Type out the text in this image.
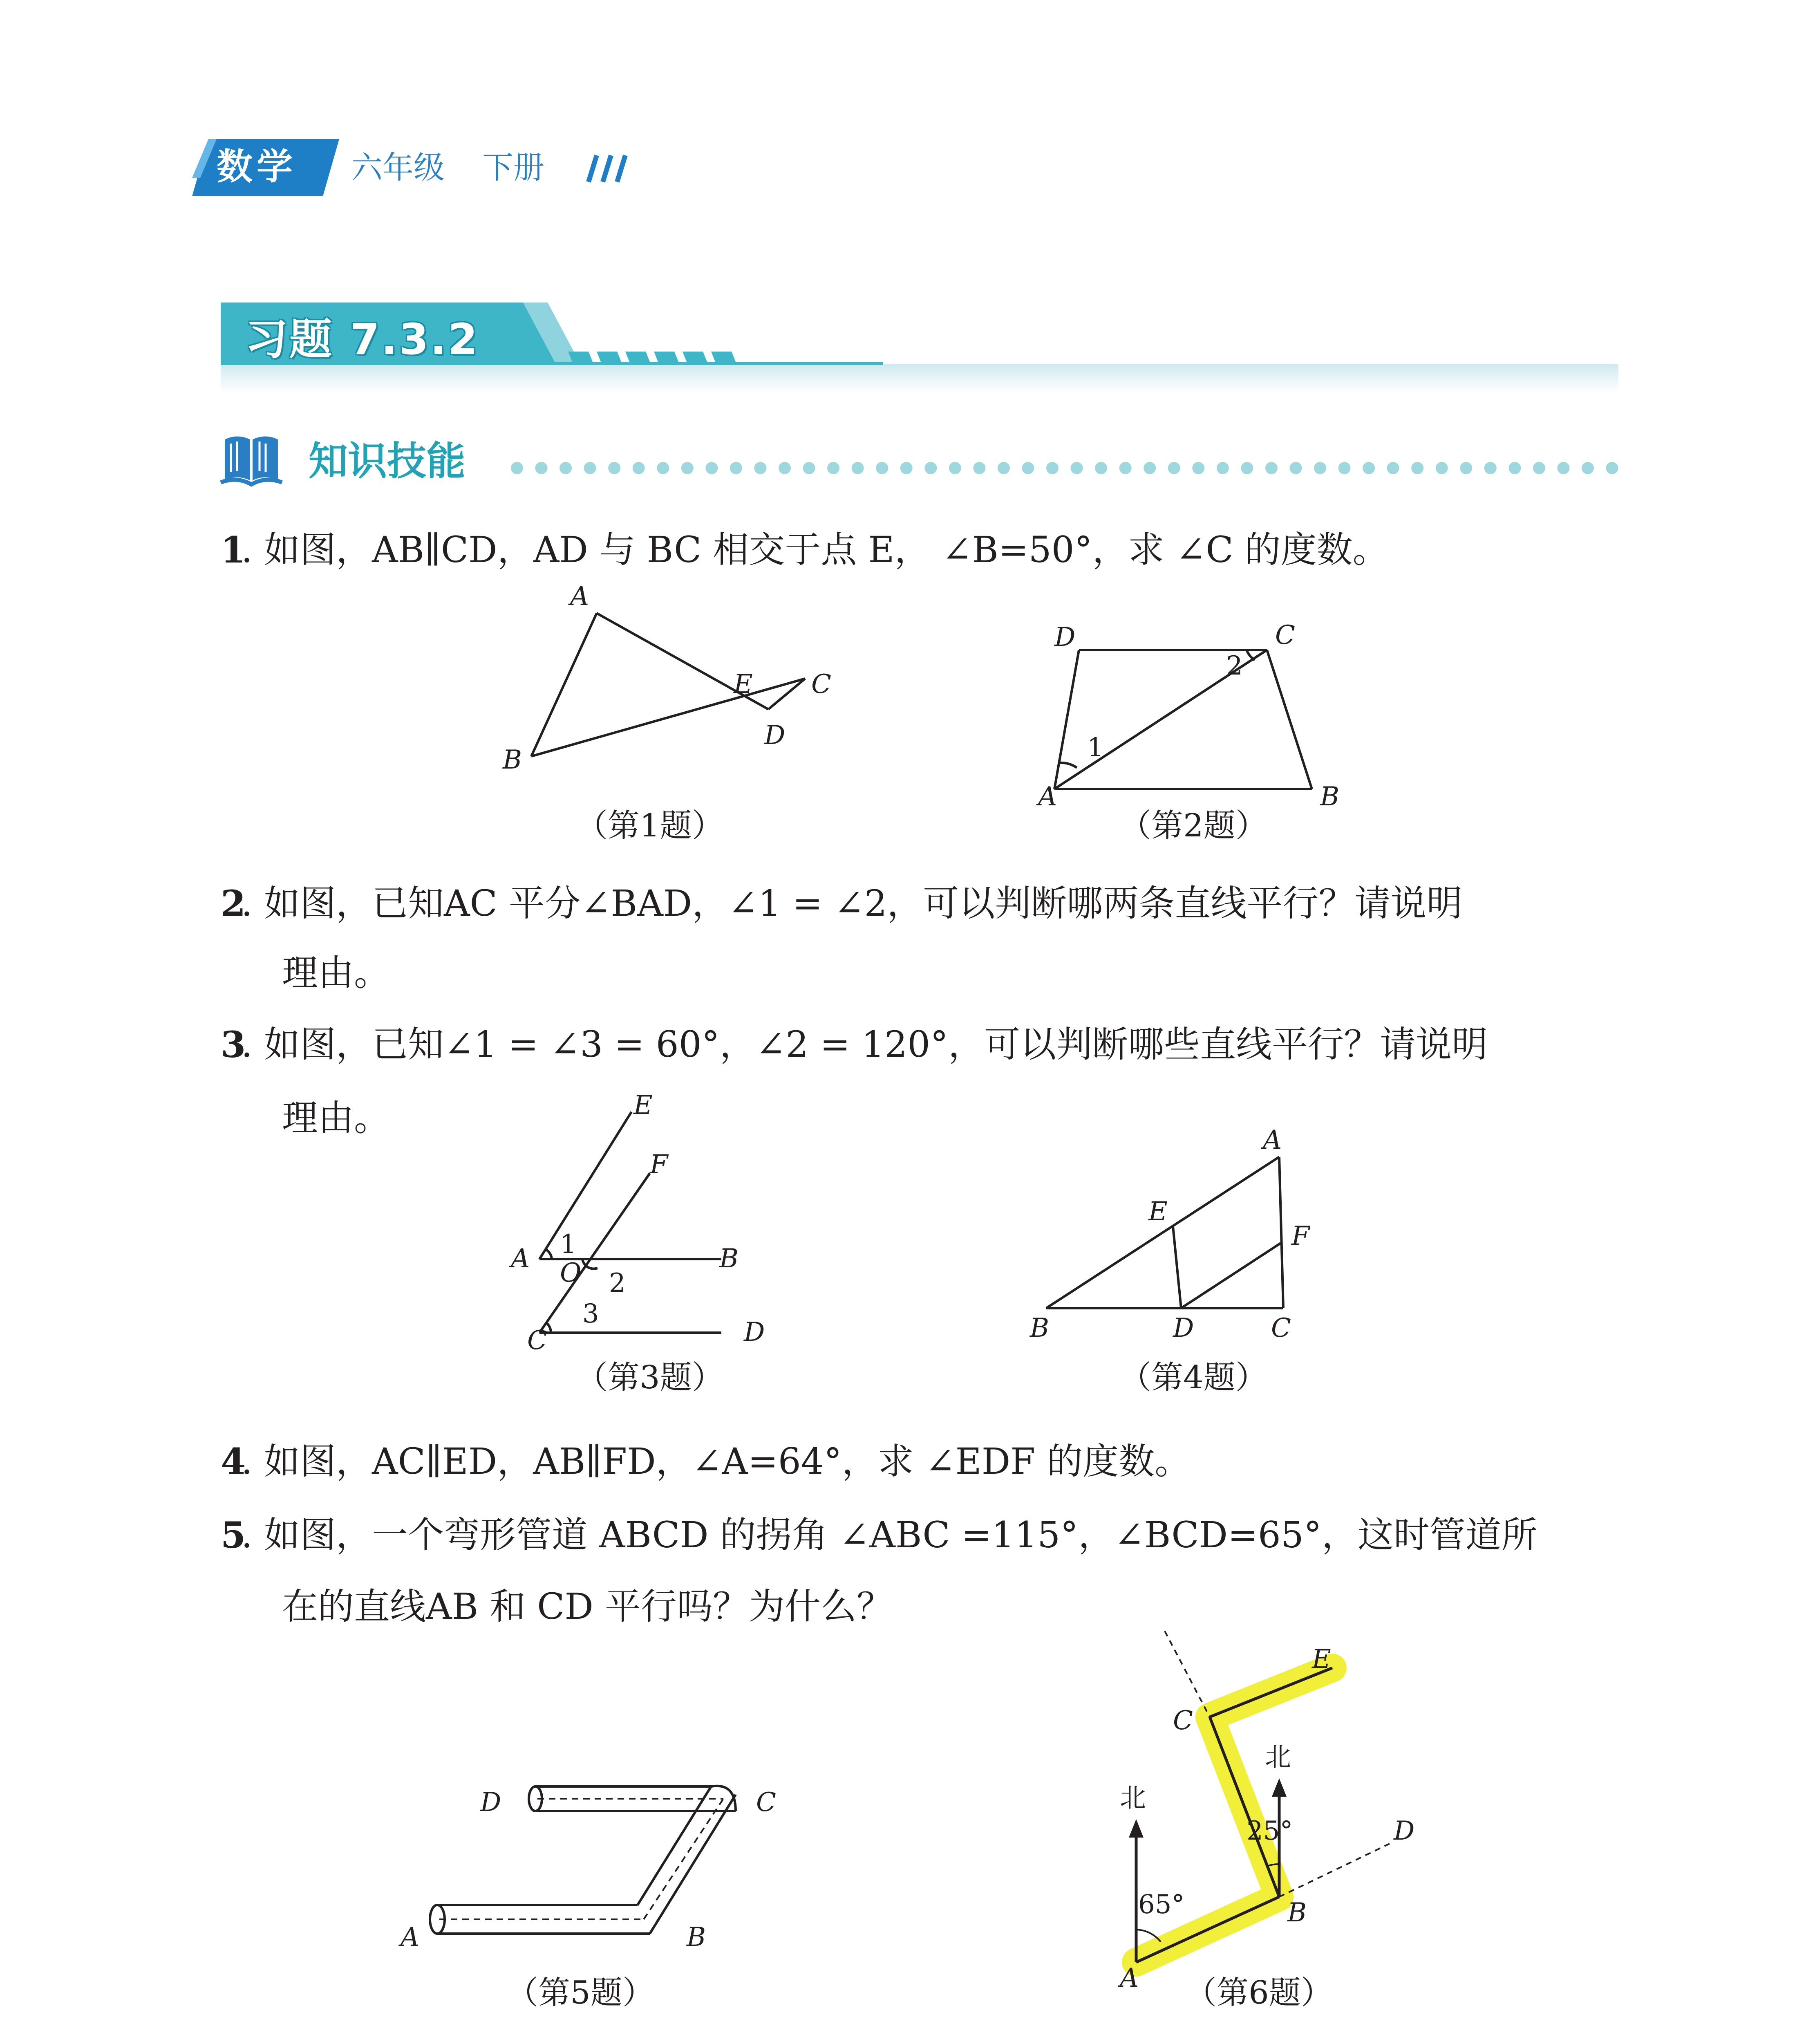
数学	六年级 下册
习题 7.3.2
知识技能
1
. 如图，AB∥CD，AD 与 BC 相交于点 E， ∠B=50°，求 ∠C 的度数。
A
B
E C
D
（第1题）
A	B
D	C
1
2
（第2题）
2
. 如图，已知AC 平分∠BAD，∠1 = ∠2，可以判断哪两条直线平行？请说明
理由。
3
. 如图，已知∠1 = ∠3 = 60°，∠2 = 120°，可以判断哪些直线平行？请说明
理由。
A	B
C	D
E
F
O
1
2
3
（第3题）
B	D	C
E
F
A
（第4题）
4
. 如图，AC∥ED，AB∥FD，∠A=64°，求 ∠EDF 的度数。
5
. 如图，一个弯形管道 ABCD 的拐角 ∠ABC =115°，∠BCD=65°，这时管道所
在的直线AB 和 CD 平行吗？为什么？
A	B
C
D
（第5题）	A
B
C
D
E
65°
25°
北
北
（第6题）
